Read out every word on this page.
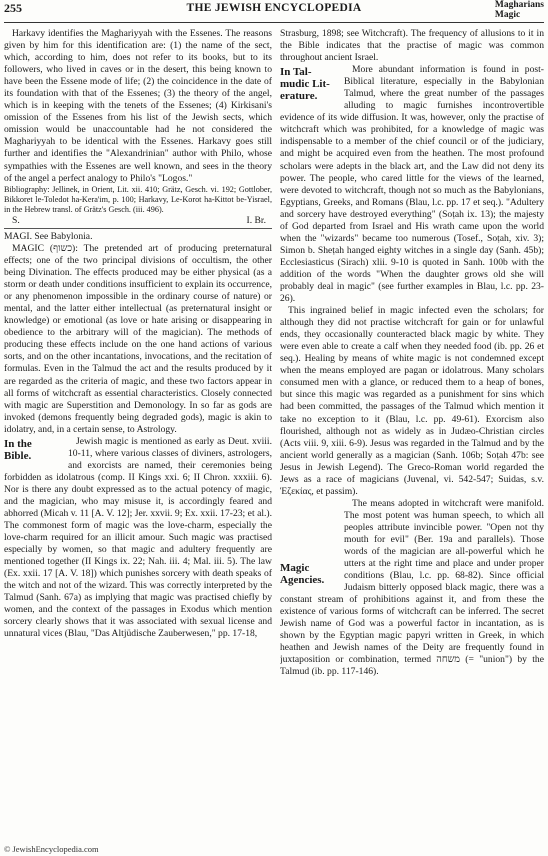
255	THE JEWISH ENCYCLOPEDIA	Magharians
Magic

Harkavy identifies the Maghariyyah with the Essenes. The reasons given by him for this identification are: (1) the name of the sect, which, according to him, does not refer to its books, but to its followers, who lived in caves or in the desert, this being known to have been the Essene mode of life; (2) the coincidence in the date of its foundation with that of the Essenes; (3) the theory of the angel, which is in keeping with the tenets of the Essenes; (4) Kirkisani's omission of the Essenes from his list of the Jewish sects, which omission would be unaccountable had he not considered the Maghariyyah to be identical with the Essenes. Harkavy goes still further and identifies the "Alexandrinian" author with Philo, whose sympathies with the Essenes are well known, and sees in the theory of the angel a perfect analogy to Philo's "Logos."

Bibliography: Jellinek, in Orient, Lit. xii. 410; Grätz, Gesch. vi. 192; Gottlober, Bikkoret le-Toledot ha-Kera'im, p. 100; Harkavy, Le-Korot ha-Kittot be-Yisrael, in the Hebrew transl. of Grätz's Gesch. (iii. 496).

S.	I. Br.

MAGI. See Babylonia.

MAGIC (כשוף): The pretended art of producing preternatural effects; one of the two principal divisions of occultism, the other being Divination. The effects produced may be either physical (as a storm or death under conditions insufficient to explain its occurrence, or any phenomenon impossible in the ordinary course of nature) or mental, and the latter either intellectual (as preternatural insight or knowledge) or emotional (as love or hate arising or disappearing in obedience to the arbitrary will of the magician). The methods of producing these effects include on the one hand actions of various sorts, and on the other incantations, invocations, and the recitation of formulas. Even in the Talmud the act and the results produced by it are regarded as the criteria of magic, and these two factors appear in all forms of witchcraft as essential characteristics. Closely connected with magic are Superstition and Demonology. In so far as gods are invoked (demons frequently being degraded gods), magic is akin to idolatry, and, in a certain sense, to Astrology.

In the
Bible.

Jewish magic is mentioned as early as Deut. xviii. 10-11, where various classes of diviners, astrologers, and exorcists are named, their ceremonies being forbidden as idolatrous (comp. II Kings xxi. 6; II Chron. xxxiii. 6). Nor is there any doubt expressed as to the actual potency of magic, and the magician, who may misuse it, is accordingly feared and abhorred (Micah v. 11 [A. V. 12]; Jer. xxvii. 9; Ex. xxii. 17-23; et al.). The commonest form of magic was the love-charm, especially the love-charm required for an illicit amour. Such magic was practised especially by women, so that magic and adultery frequently are mentioned together (II Kings ix. 22; Nah. iii. 4; Mal. iii. 5). The law (Ex. xxii. 17 [A. V. 18]) which punishes sorcery with death speaks of the witch and not of the wizard. This was correctly interpreted by the Talmud (Sanh. 67a) as implying that magic was practised chiefly by women, and the context of the passages in Exodus which mention sorcery clearly shows that it was associated with sexual license and unnatural vices (Blau, "Das Altjüdische Zauberwesen," pp. 17-18,

Strasburg, 1898; see Witchcraft). The frequency of allusions to it in the Bible indicates that the practise of magic was common throughout ancient Israel.

In Tal-
mudic Lit-
erature.

More abundant information is found in post-Biblical literature, especially in the Babylonian Talmud, where the great number of the passages alluding to magic furnishes incontrovertible evidence of its wide diffusion. It was, however, only the practise of witchcraft which was prohibited, for a knowledge of magic was indispensable to a member of the chief council or of the judiciary, and might be acquired even from the heathen. The most profound scholars were adepts in the black art, and the Law did not deny its power. The people, who cared little for the views of the learned, were devoted to witchcraft, though not so much as the Babylonians, Egyptians, Greeks, and Romans (Blau, l.c. pp. 17 et seq.). "Adultery and sorcery have destroyed everything" (Soṭah ix. 13); the majesty of God departed from Israel and His wrath came upon the world when the "wizards" became too numerous (Tosef., Soṭah, xiv. 3); Simon b. Sheṭah hanged eighty witches in a single day (Sanh. 45b); Ecclesiasticus (Sirach) xlii. 9-10 is quoted in Sanh. 100b with the addition of the words "When the daughter grows old she will probably deal in magic" (see further examples in Blau, l.c. pp. 23-26).

This ingrained belief in magic infected even the scholars; for although they did not practise witchcraft for gain or for unlawful ends, they occasionally counteracted black magic by white. They were even able to create a calf when they needed food (ib. pp. 26 et seq.). Healing by means of white magic is not condemned except when the means employed are pagan or idolatrous. Many scholars consumed men with a glance, or reduced them to a heap of bones, but since this magic was regarded as a punishment for sins which had been committed, the passages of the Talmud which mention it take no exception to it (Blau, l.c. pp. 49-61). Exorcism also flourished, although not as widely as in Judæo-Christian circles (Acts viii. 9, xiii. 6-9). Jesus was regarded in the Talmud and by the ancient world generally as a magician (Sanh. 106b; Soṭah 47b: see Jesus in Jewish Legend). The Greco-Roman world regarded the Jews as a race of magicians (Juvenal, vi. 542-547; Suidas, s.v. Ἐζεκίας, et passim).

Magic
Agencies.

The means adopted in witchcraft were manifold. The most potent was human speech, to which all peoples attribute invincible power. "Open not thy mouth for evil" (Ber. 19a and parallels). Those words of the magician are all-powerful which he utters at the right time and place and under proper conditions (Blau, l.c. pp. 68-82). Since official Judaism bitterly opposed black magic, there was a constant stream of prohibitions against it, and from these the existence of various forms of witchcraft can be inferred. The secret Jewish name of God was a powerful factor in incantation, as is shown by the Egyptian magic papyri written in Greek, in which heathen and Jewish names of the Deity are frequently found in juxtaposition or combination, termed משחה (= "union") by the Talmud (ib. pp. 117-146).

© JewishEncyclopedia.com
